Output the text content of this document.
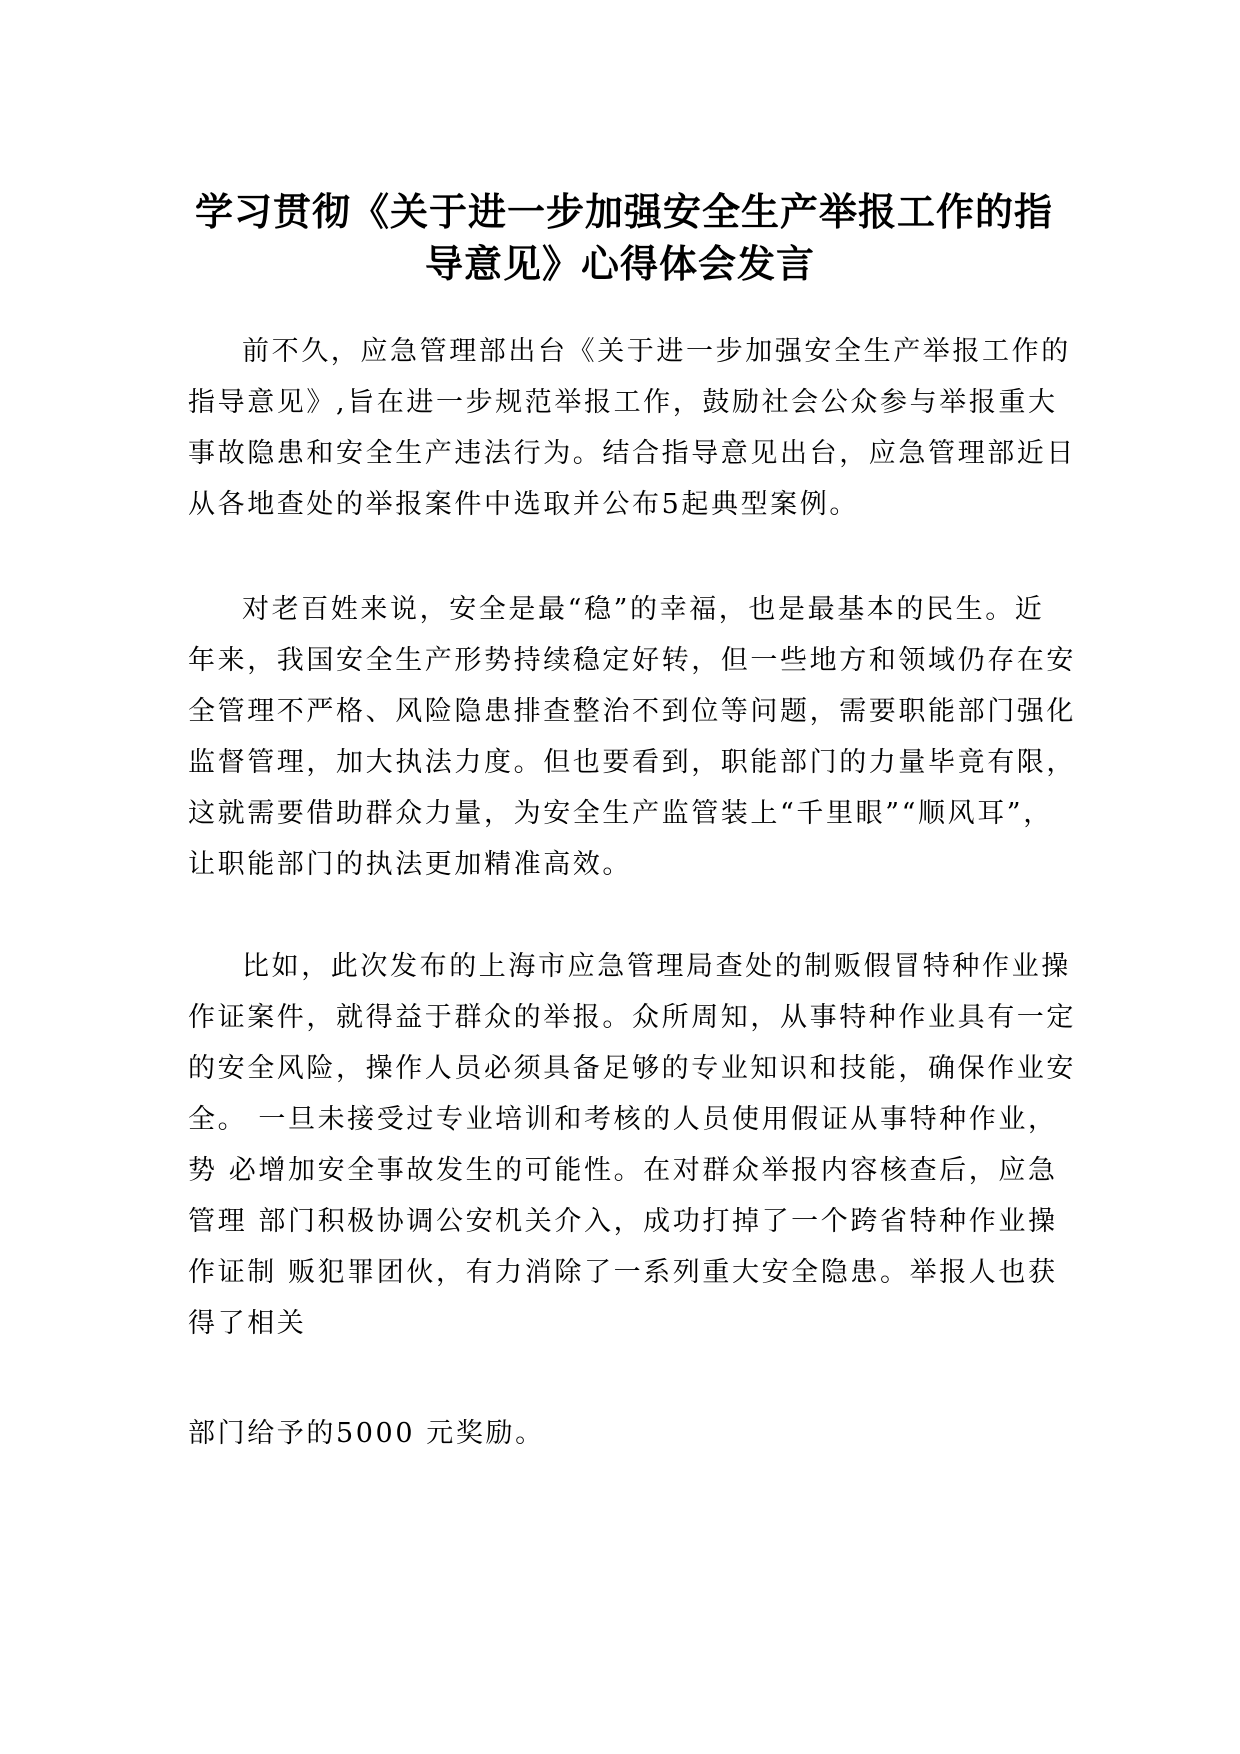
学习贯彻《关于进一步加强安全生产举报工作的指
导意见》心得体会发言
前不久，应急管理部出台《关于进一步加强安全生产举报工作的
指导意见》,旨在进一步规范举报工作，鼓励社会公众参与举报重大
事故隐患和安全生产违法行为。结合指导意见出台，应急管理部近日
从各地查处的举报案件中选取并公布5起典型案例。
对老百姓来说，安全是最“稳”的幸福，也是最基本的民生。近
年来，我国安全生产形势持续稳定好转，但一些地方和领域仍存在安
全管理不严格、风险隐患排查整治不到位等问题，需要职能部门强化
监督管理，加大执法力度。但也要看到，职能部门的力量毕竟有限，
这就需要借助群众力量，为安全生产监管装上“千里眼”“顺风耳”，
让职能部门的执法更加精准高效。
比如，此次发布的上海市应急管理局查处的制贩假冒特种作业操
作证案件，就得益于群众的举报。众所周知，从事特种作业具有一定
的安全风险，操作人员必须具备足够的专业知识和技能，确保作业安
全。 一旦未接受过专业培训和考核的人员使用假证从事特种作业，
势 必增加安全事故发生的可能性。在对群众举报内容核查后，应急
管理 部门积极协调公安机关介入，成功打掉了一个跨省特种作业操
作证制 贩犯罪团伙，有力消除了一系列重大安全隐患。举报人也获
得了相关
部门给予的5000 元奖励。
